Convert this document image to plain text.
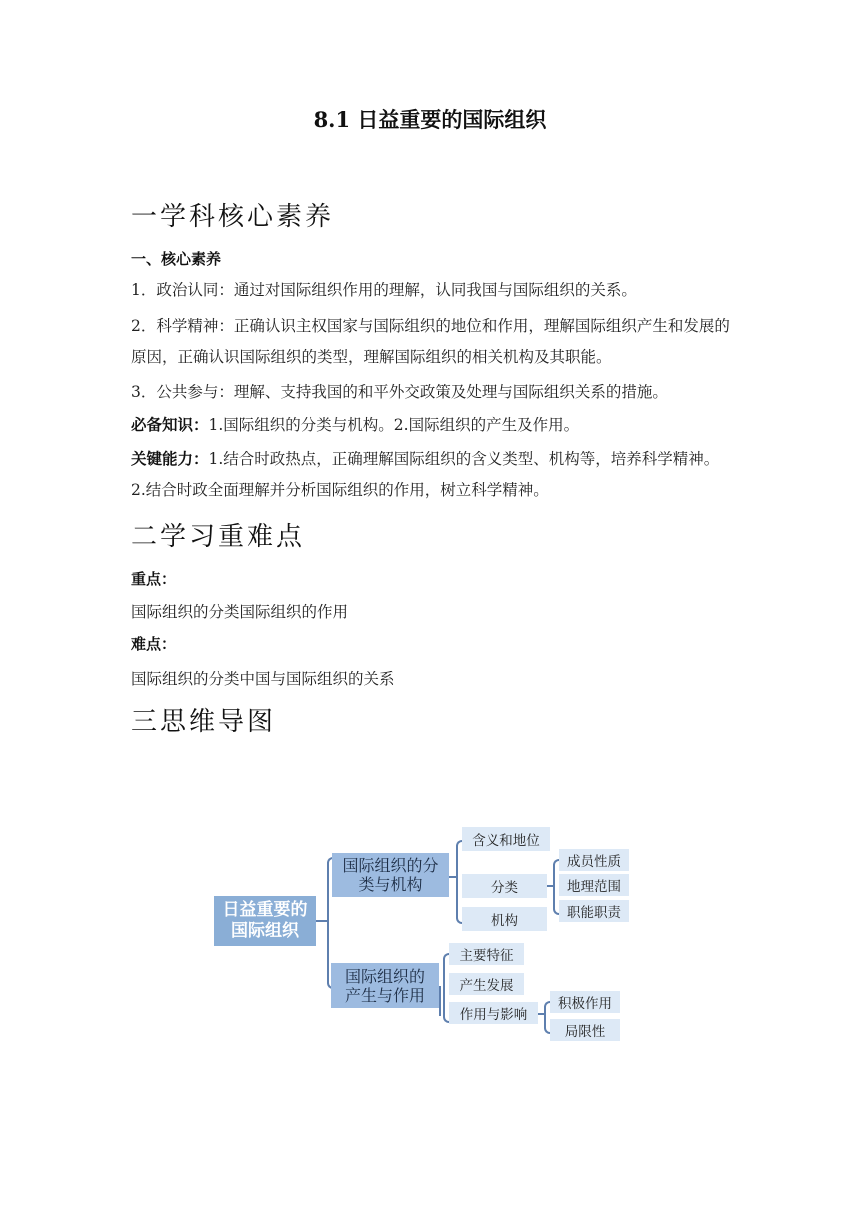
8.1 日益重要的国际组织
一学科核心素养
一、核心素养
1．政治认同：通过对国际组织作用的理解，认同我国与国际组织的关系。
2．科学精神：正确认识主权国家与国际组织的地位和作用，理解国际组织产生和发展的原因，正确认识国际组织的类型，理解国际组织的相关机构及其职能。
3．公共参与：理解、支持我国的和平外交政策及处理与国际组织关系的措施。
必备知识：1.国际组织的分类与机构。2.国际组织的产生及作用。
关键能力：1.结合时政热点，正确理解国际组织的含义类型、机构等，培养科学精神。2.结合时政全面理解并分析国际组织的作用，树立科学精神。
二学习重难点
重点：
国际组织的分类国际组织的作用
难点：
国际组织的分类中国与国际组织的关系
三思维导图
日益重要的
国际组织
国际组织的分
类与机构
含义和地位
分类
机构
成员性质
地理范围
职能职责
国际组织的
产生与作用
主要特征
产生发展
作用与影响
积极作用
局限性
